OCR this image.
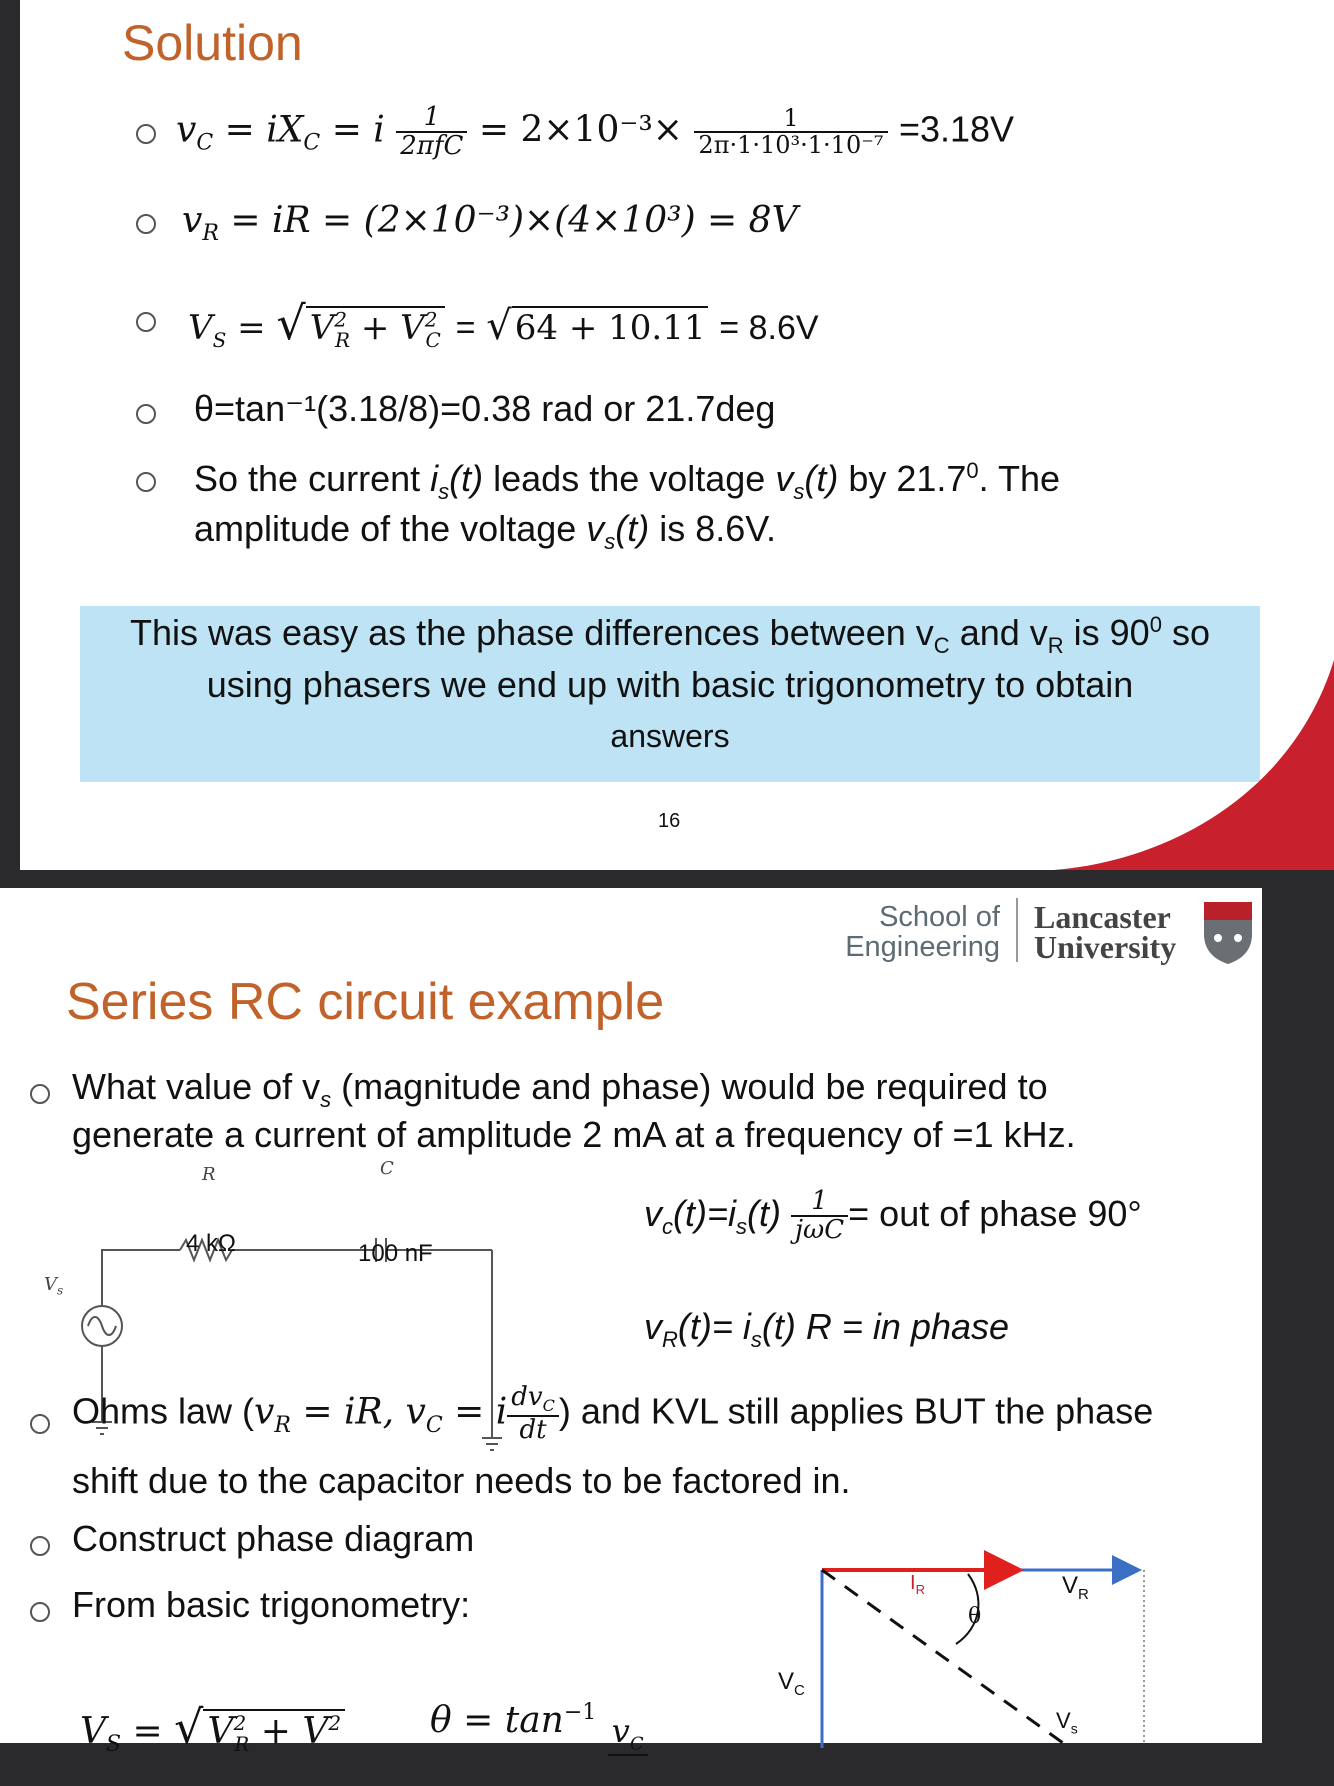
Solution
$v_C = iX_C = i \frac{1}{\text{2πfC}} = 2\times 10^{-3}\times \frac{1}{\text{2π·1·10³·1·10⁻⁷}} =3.18V$
$v_R$ = iR = (2×10⁻³)×(4×10³) = 8V
$V_S$ = √ $V^2_R + V^2_C = √64 + 10.11 = 8.6V$
θ=tan⁻¹(3.18/8)=0.38 rad or 21.7deg
So the current $i_s(t)$ leads the voltage $v_s(t)$ by 21.7$^0$. The
amplitude of the voltage $v_s(t)$ is 8.6V.
This was easy as the phase differences between $v_C$ and $v_R$ is $90^0$ so
using phasers we end up with basic trigonometry to obtain
answers
16
School of
Engineering
Lancaster
University
Series RC circuit example
What value of $v_s$ (magnitude and phase) would be required to
generate a current of amplitude 2 mA at a frequency of =1 kHz.
R
4 kΩ
C
100 nF
$V_s$
$v_c(t)=i_s(t) \frac{1}{\text{jωC}}$ = out of phase 90°
$v_R(t)= i_s(t) R$ = in phase
Ohms law ($v_R$ = iR, $v_C = i \frac{dv_C}{dt}$ ) and KVL still applies BUT the phase
shift due to the capacitor needs to be factored in.
Construct phase diagram
From basic trigonometry:
$I_R$	$V_R$
θ
$V_C$
$V_s$
$V_S$ = √ $V^2_R + V^2$ $\theta = \tan^{-1} v_C$
